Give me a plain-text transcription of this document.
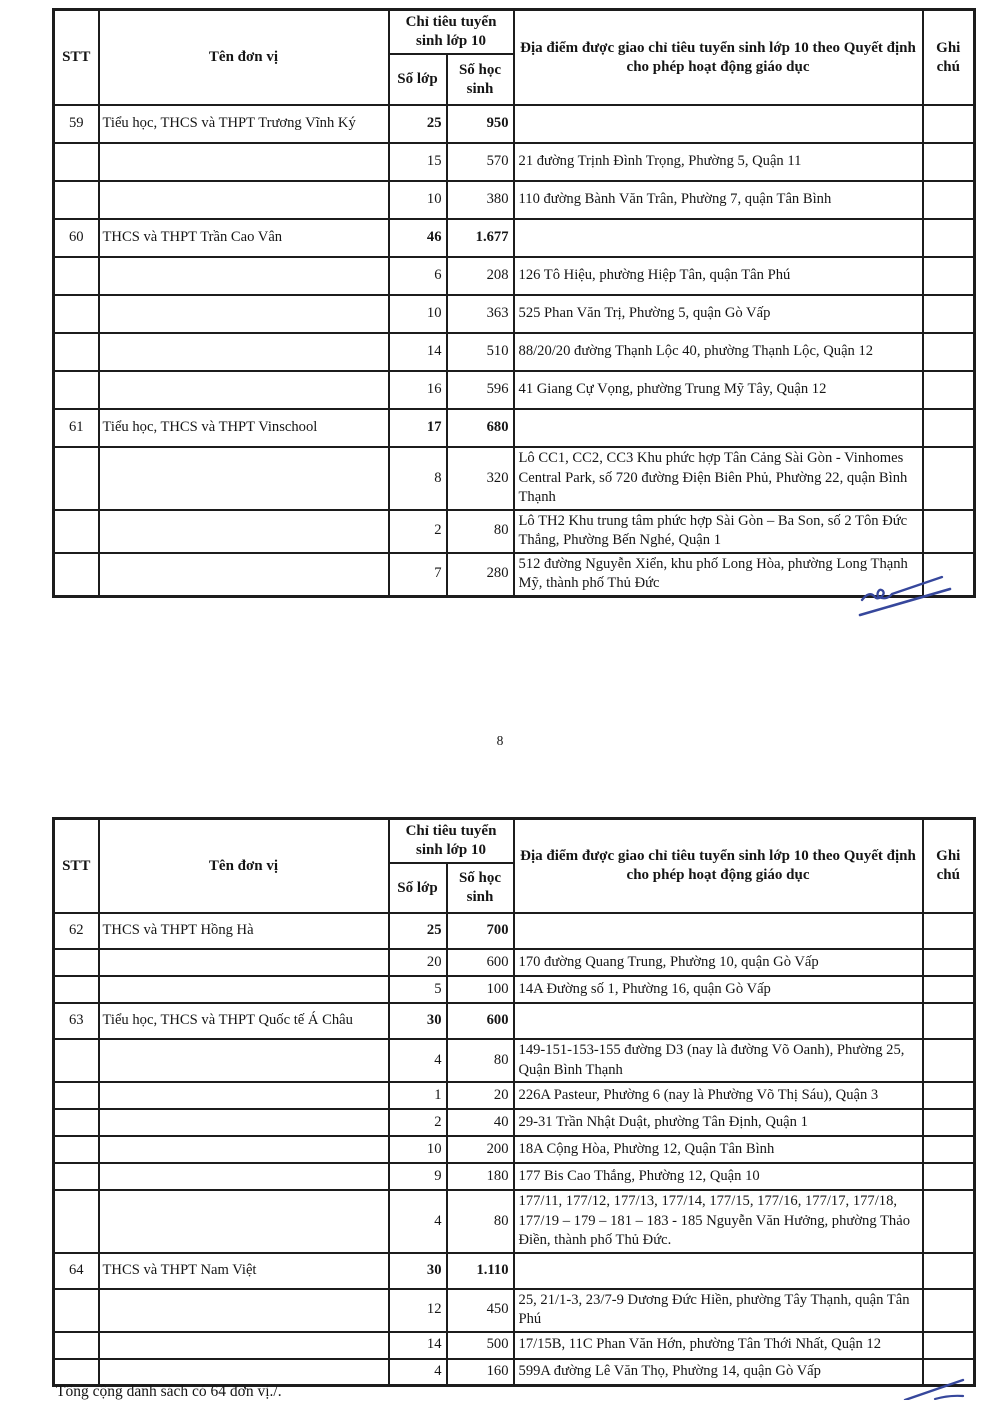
STT	Tên đơn vị	Chỉ tiêu tuyển sinh lớp 10		Địa điểm được giao chỉ tiêu tuyển sinh lớp 10 theo Quyết định cho phép hoạt động giáo dục	Ghi chú
		Số lớp	Số học sinh		
59	Tiểu học, THCS và THPT Trương Vĩnh Ký	25	950		
		15	570	21 đường Trịnh Đình Trọng, Phường 5, Quận 11	
		10	380	110 đường Bành Văn Trân, Phường 7, quận Tân Bình	
60	THCS và THPT Trần Cao Vân	46	1.677		
		6	208	126 Tô Hiệu, phường Hiệp Tân, quận Tân Phú	
		10	363	525 Phan Văn Trị, Phường 5, quận Gò Vấp	
		14	510	88/20/20 đường Thạnh Lộc 40, phường Thạnh Lộc, Quận 12	
		16	596	41 Giang Cự Vọng, phường Trung Mỹ Tây, Quận 12	
61	Tiểu học, THCS và THPT Vinschool	17	680		
		8	320	Lô CC1, CC2, CC3 Khu phức hợp Tân Cảng Sài Gòn - Vinhomes Central Park, số 720 đường Điện Biên Phủ, Phường 22, quận Bình Thạnh	
		2	80	Lô TH2 Khu trung tâm phức hợp Sài Gòn – Ba Son, số 2 Tôn Đức Thắng, Phường Bến Nghé, Quận 1	
		7	280	512 đường Nguyễn Xiển, khu phố Long Hòa, phường Long Thạnh Mỹ, thành phố Thủ Đức	
8
STT	Tên đơn vị	Chỉ tiêu tuyển sinh lớp 10		Địa điểm được giao chỉ tiêu tuyển sinh lớp 10 theo Quyết định cho phép hoạt động giáo dục	Ghi chú
		Số lớp	Số học sinh		
62	THCS và THPT Hồng Hà	25	700		
		20	600	170 đường Quang Trung, Phường 10, quận Gò Vấp	
		5	100	14A Đường số 1, Phường 16, quận Gò Vấp	
63	Tiểu học, THCS và THPT Quốc tế Á Châu	30	600		
		4	80	149-151-153-155 đường D3 (nay là đường Võ Oanh), Phường 25, Quận Bình Thạnh	
		1	20	226A Pasteur, Phường 6 (nay là Phường Võ Thị Sáu), Quận 3	
		2	40	29-31 Trần Nhật Duật, phường Tân Định, Quận 1	
		10	200	18A Cộng Hòa, Phường 12, Quận Tân Bình	
		9	180	177 Bis Cao Thắng, Phường 12, Quận 10	
		4	80	177/11, 177/12, 177/13, 177/14, 177/15, 177/16, 177/17, 177/18, 177/19 – 179 – 181 – 183 - 185 Nguyễn Văn Hưởng, phường Thảo Điền, thành phố Thủ Đức.	
64	THCS và THPT Nam Việt	30	1.110		
		12	450	25, 21/1-3, 23/7-9 Dương Đức Hiền, phường Tây Thạnh, quận Tân Phú	
		14	500	17/15B, 11C Phan Văn Hớn, phường Tân Thới Nhất, Quận 12	
		4	160	599A đường Lê Văn Thọ, Phường 14, quận Gò Vấp	
Tổng cộng danh sách có 64 đơn vị./.
